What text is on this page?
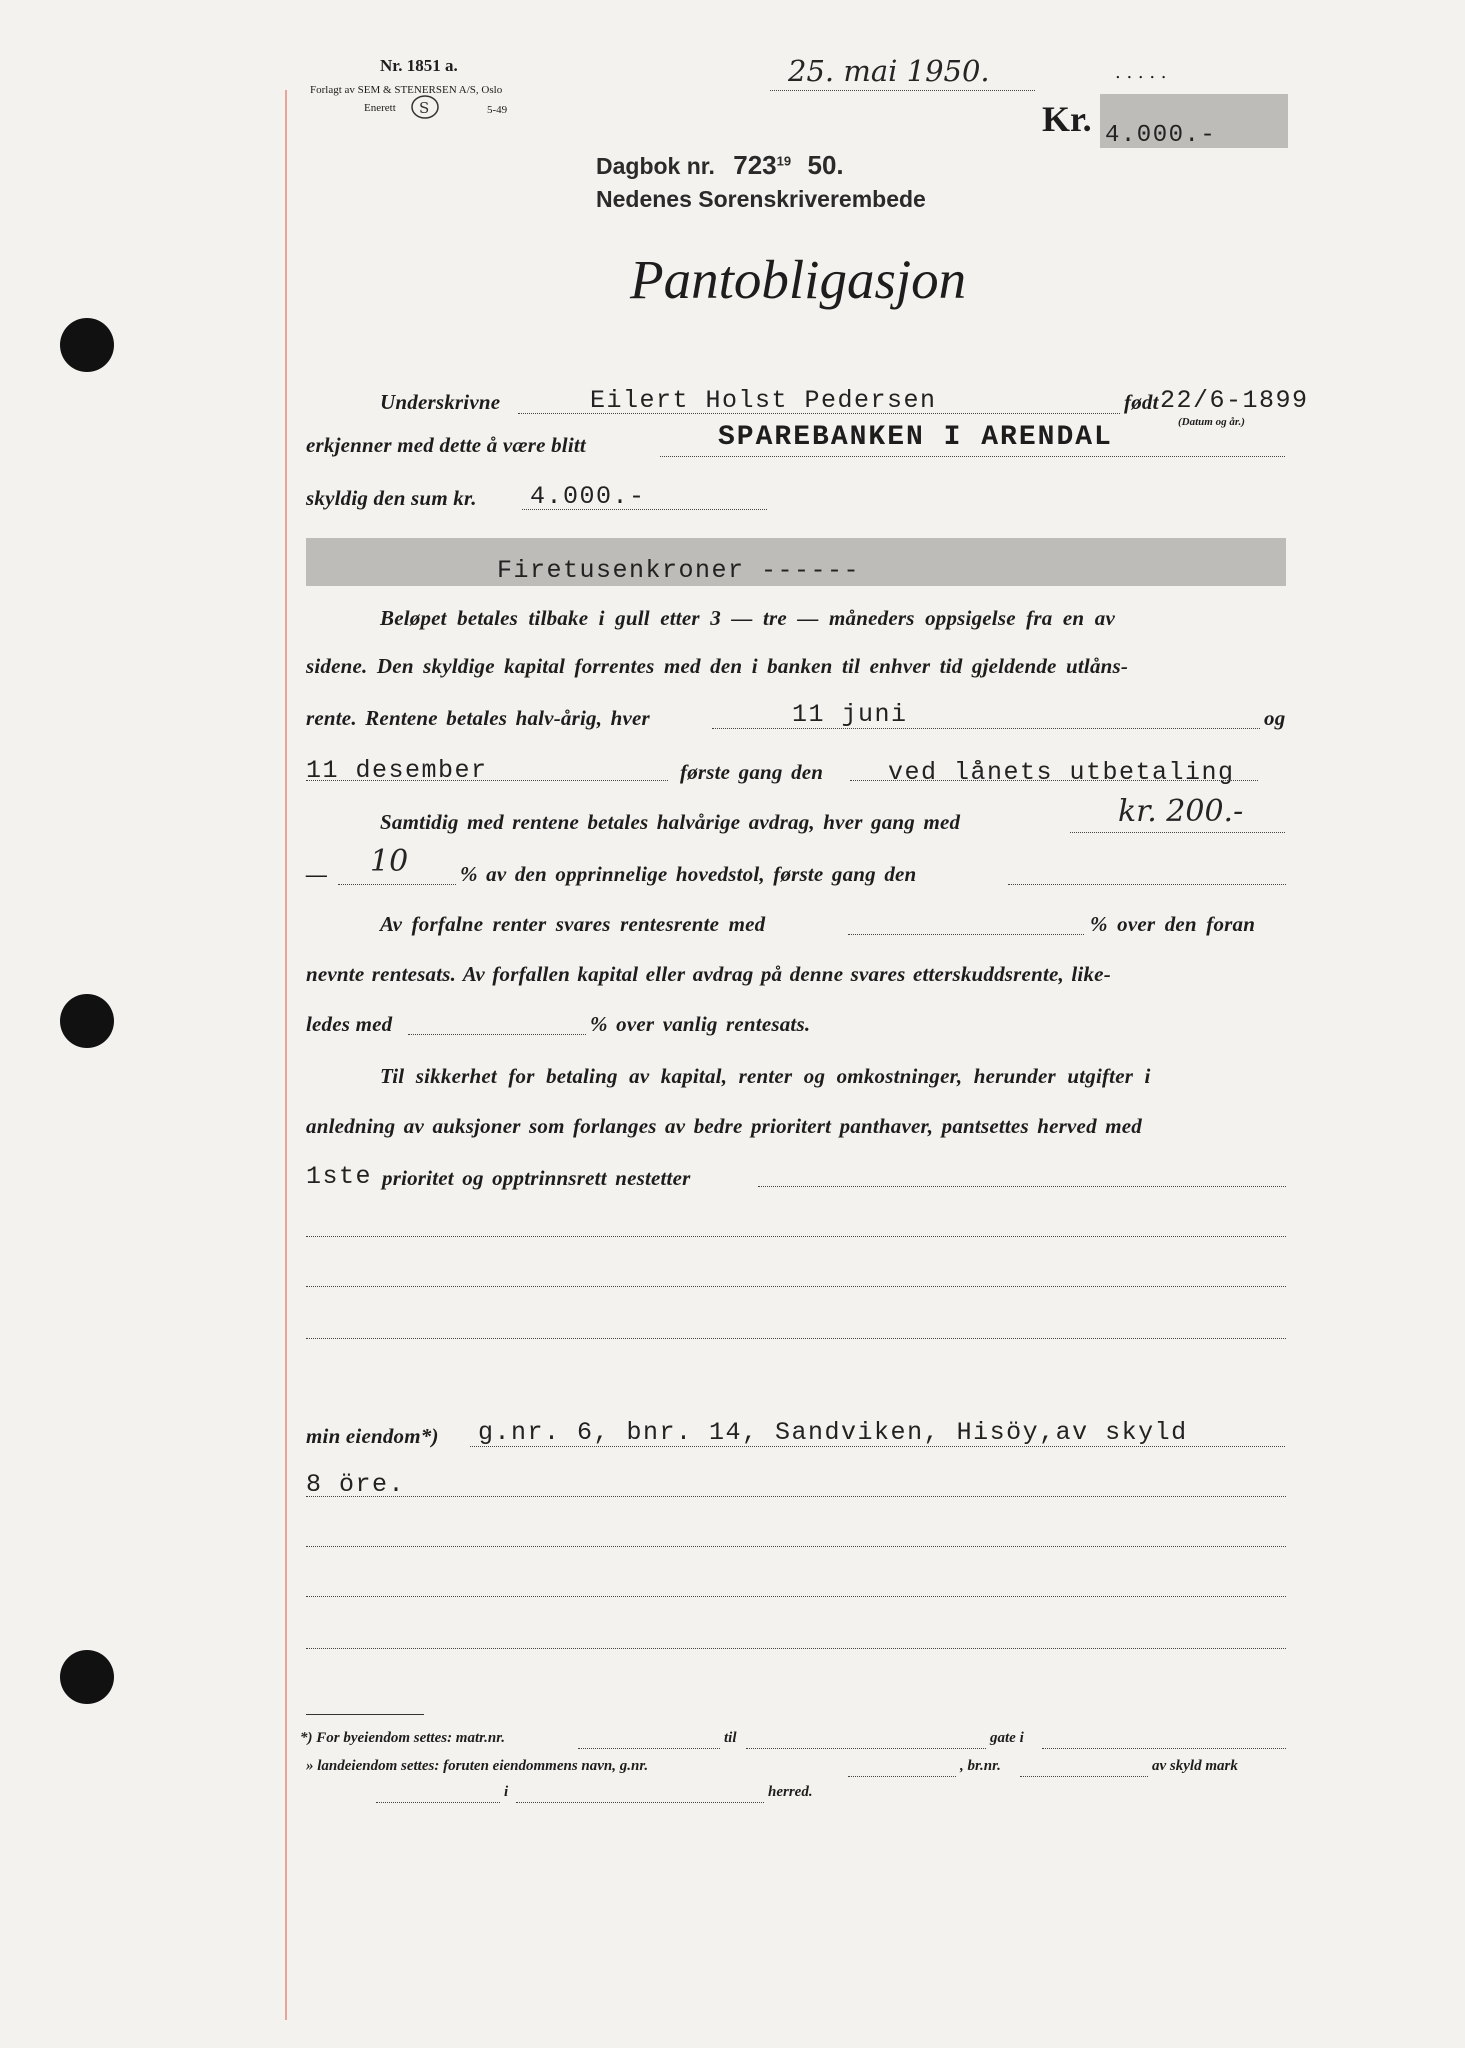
Nr. 1851 a.
Forlagt av SEM & STENERSEN A/S, Oslo
Enerett S	5-49
25. mai 1950.	. . . . .
Kr. 4.000.-
Dagbok nr. $723^{19}$ 50.
Nedenes Sorenskriverembede
Pantobligasjon
Underskrivne	Eilert Holst Pedersen	født 22/6-1899
(Datum og år.)
erkjenner med dette å være blitt	SPAREBANKEN I ARENDAL
skyldig den sum kr. 4.000.-
Firetusenkroner ------
Beløpet betales tilbake i gull etter 3 — tre — måneders oppsigelse fra en av
sidene. Den skyldige kapital forrentes med den i banken til enhver tid gjeldende utlåns-
rente. Rentene betales halv-årig, hver	11 juni	og
11 desember	første gang den	ved lånets utbetaling
Samtidig med rentene betales halvårige avdrag, hver gang med	kr. 200.-
— 10 % av den opprinnelige hovedstol, første gang den
Av forfalne renter svares rentesrente med	% over den foran
nevnte rentesats. Av forfallen kapital eller avdrag på denne svares etterskuddsrente, like-
ledes med	% over vanlig rentesats.
Til sikkerhet for betaling av kapital, renter og omkostninger, herunder utgifter i
anledning av auksjoner som forlanges av bedre prioritert panthaver, pantsettes herved med
1ste prioritet og opptrinnsrett nestetter
min eiendom*) g.nr. 6, bnr. 14, Sandviken, Hisöy,av skyld
8 öre.
*) For byeiendom settes: matr.nr.	til	gate i
» landeiendom settes: foruten eiendommens navn, g.nr.	, br.nr.	av skyld mark
i	herred.
